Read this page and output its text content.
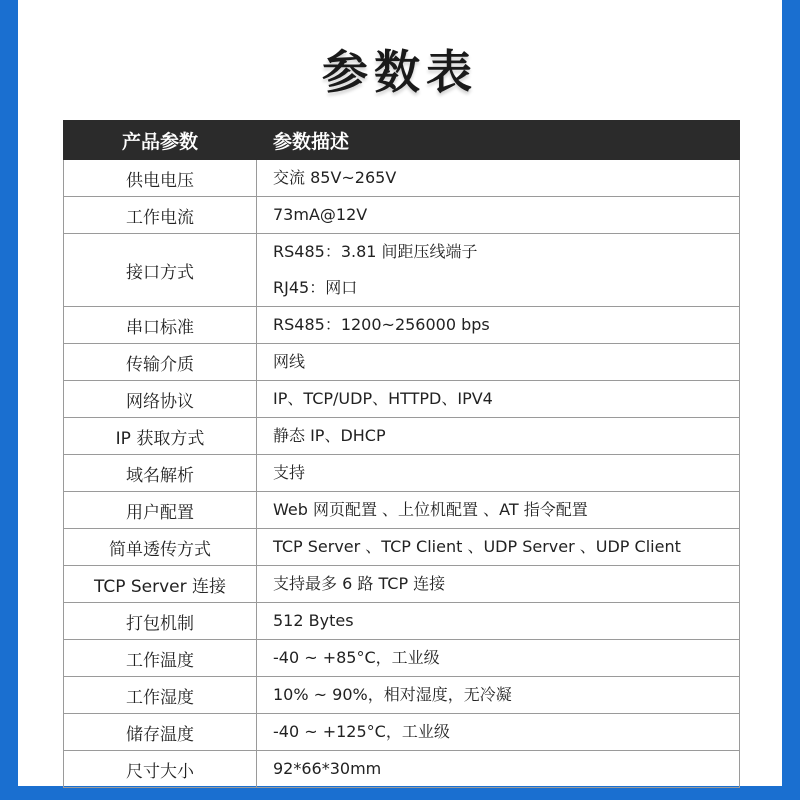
参数表
产品参数	参数描述
供电电压	交流 85V~265V

工作电流	73mA@12V

接口方式	RS485：3.81 间距压线端子
RJ45：网口

串口标准	RS485：1200~256000 bps

传输介质	网线

网络协议	IP、TCP/UDP、HTTPD、IPV4

IP 获取方式	静态 IP、DHCP

域名解析	支持

用户配置	Web 网页配置 、上位机配置 、AT 指令配置

简单透传方式	TCP Server 、TCP Client 、UDP Server 、UDP Client

TCP Server 连接	支持最多 6 路 TCP 连接

打包机制	512 Bytes

工作温度	-40 ~ +85°C，工业级

工作湿度	10% ~ 90%，相对湿度，无冷凝

储存温度	-40 ~ +125°C，工业级

尺寸大小	92*66*30mm
